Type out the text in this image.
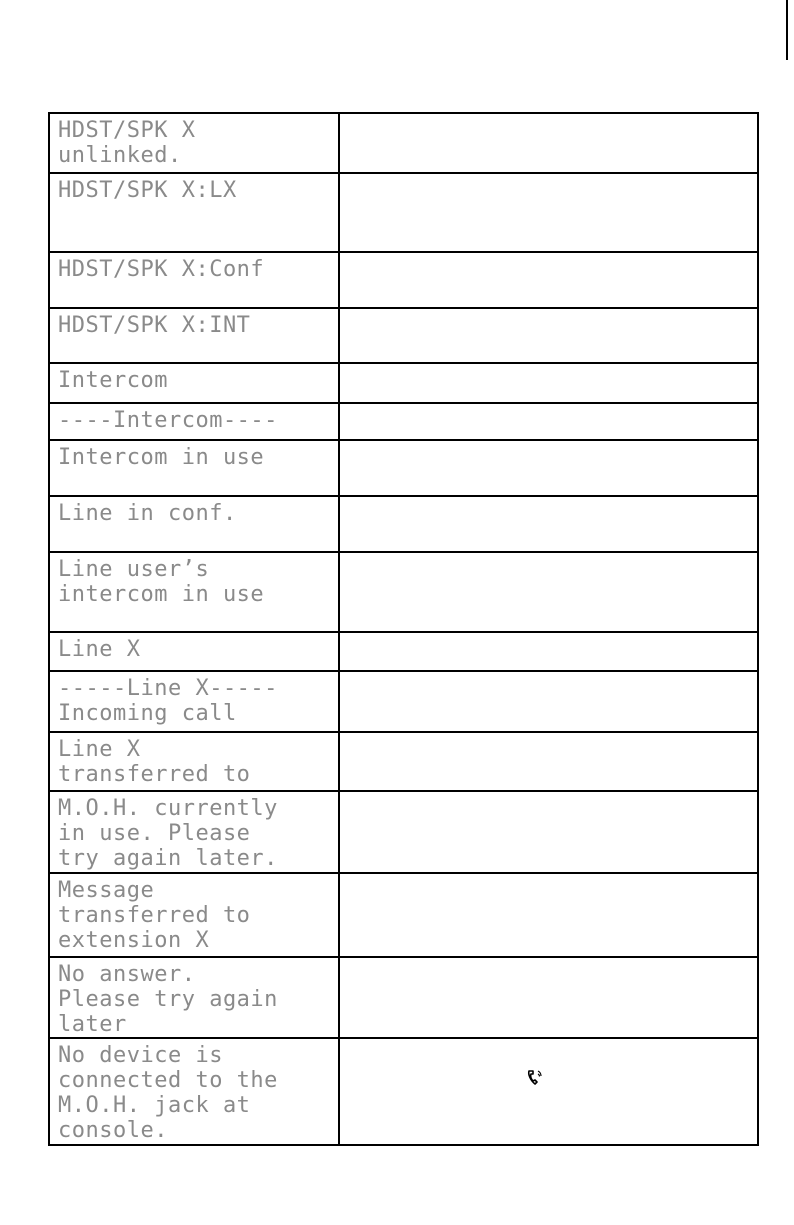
HDST/SPK X
unlinked.	

HDST/SPK X:LX	

HDST/SPK X:Conf	

HDST/SPK X:INT	

Intercom	

----Intercom----	

Intercom in use	

Line in conf.	

Line user’s
intercom in use	

Line X	

-----Line X-----
Incoming call	

Line X
transferred to	

M.O.H. currently
in use. Please
try again later.	

Message
transferred to
extension X	

No answer.
Please try again
later	

No device is
connected to the
M.O.H. jack at
console.
